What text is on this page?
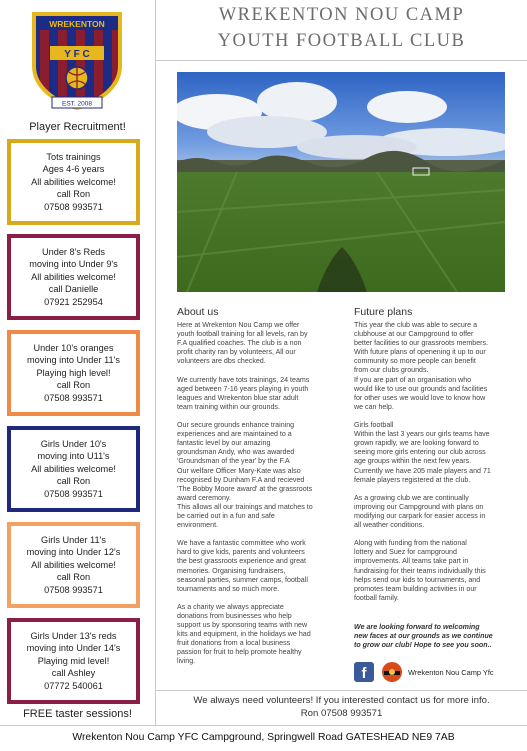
WREKENTON
Y F C
EST. 2008
Player Recruitment!
Tots trainings
Ages 4-6 years
All abilities welcome!
call Ron
07508 993571
Under 8's Reds
moving into Under 9's
All abilities welcome!
call Danielle
07921 252954
Under 10's oranges
moving into Under 11's
Playing high level!
call Ron
07508 993571
Girls Under 10's
moving into U11's
All abilities welcome!
call Ron
07508 993571
Girls Under 11's
moving into Under 12's
All abilities welcome!
call Ron
07508 993571
Girls Under 13's reds
moving into Under 14's
Playing mid level!
call Ashley
07772 540061
FREE taster sessions!
WREKENTON NOU CAMP
YOUTH FOOTBALL CLUB
About us
Here at Wrekenton Nou Camp we offer
youth football training for all levels, ran by
F.A qualified coaches. The club is a non
profit charity ran by volunteers, All our
volunteers are dbs checked.

We currently have tots trainings, 24 teams
aged between 7-16 years playing in youth
leagues and Wrekenton blue star adult
team training within our grounds.

Our secure grounds enhance training
experiences and are maintained to a
fantastic level by our amazing
groundsman Andy, who was awarded
'Groundsman of the year' by the F.A
Our welfare Officer Mary-Kate was also
recognised by Dunham F.A and recieved
'The Bobby Moore award' at the grassroots
award ceremony.
This allows all our trainings and matches to
be carried out in a fun and safe
environment.

We have a fantastic committee who work
hard to give kids, parents and volunteers
the best grassroots experience and great
memories. Organising fundraisers,
seasonal parties, summer camps, football
tournaments and so much more.

As a charity we always appreciate
donations from businesses who help
support us by sponsoring teams with new
kits and equipment, in the holidays we had
fruit donations from a local business
passion for fruit to help promote healthy
living.
Future plans
This year the club was able to secure a
clubhouse at our Campground to offer
better facilities to our grassroots members.
With future plans of openening it up to our
community so more people can benefit
from our clubs grounds.
If you are part of an organisation who
would like to use our grounds and facilities
for other uses we would love to know how
we can help.

Girls football
Within the last 3 years our girls teams have
grown rapidly, we are looking forward to
seeing more girls entering our club across
age groups within the next few years.
Currently we have 205 male players and 71
female players registered at the club.

As a growing club we are continually
improving our Campground with plans on
modifying our carpark for easier access in
all weather conditions.

Along with funding from the national
lottery and Suez for campground
improvements. All teams take part in
fundraising for their teams individually this
helps send our kids to tournaments, and
promotes team building activities in our
football family.
We are looking forward to welcoming
new faces at our grounds as we continue
to grow our club! Hope to see you soon..
f	Wrekenton Nou Camp Yfc
We always need volunteers! If you interested contact us for more info.
Ron 07508 993571
Wrekenton Nou Camp YFC Campground, Springwell Road GATESHEAD NE9 7AB
